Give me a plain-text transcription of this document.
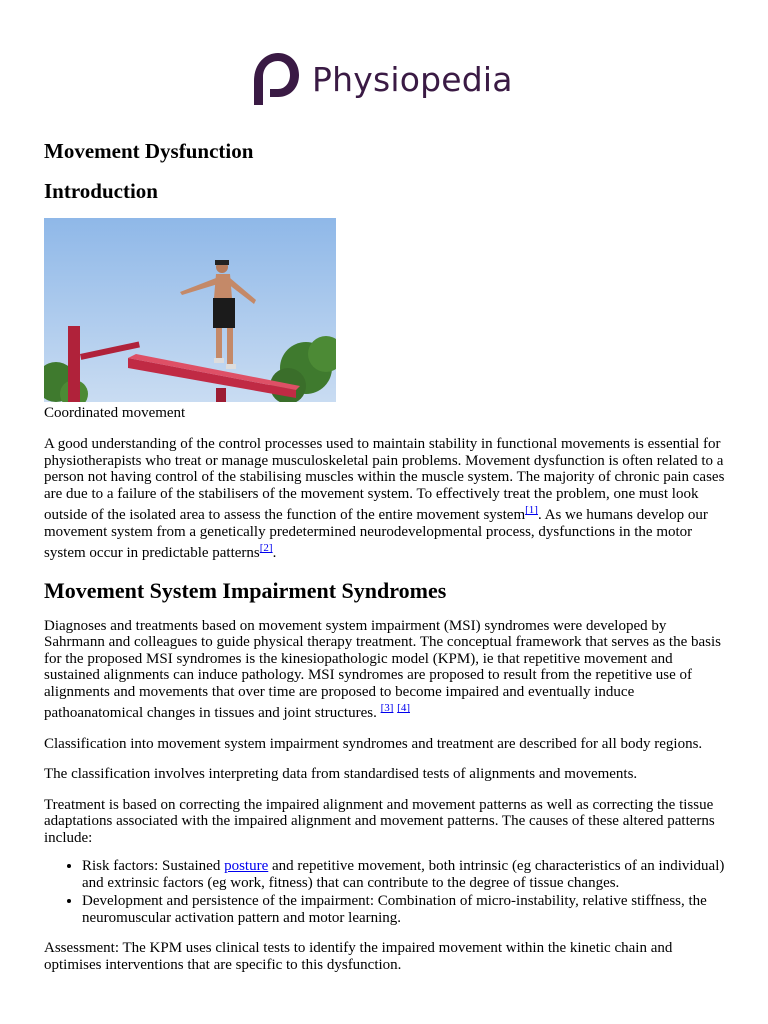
Physiopedia
Movement Dysfunction
Introduction
Coordinated movement

A good understanding of the control processes used to maintain stability in functional movements is essential for physiotherapists who treat or manage musculoskeletal pain problems. Movement dysfunction is often related to a person not having control of the stabilising muscles within the muscle system. The majority of chronic pain cases are due to a failure of the stabilisers of the movement system. To effectively treat the problem, one must look outside of the isolated area to assess the function of the entire movement system[1]. As we humans develop our movement system from a genetically predetermined neurodevelopmental process, dysfunctions in the motor system occur in predictable patterns[2].

Movement System Impairment Syndromes

Diagnoses and treatments based on movement system impairment (MSI) syndromes were developed by Sahrmann and colleagues to guide physical therapy treatment. The conceptual framework that serves as the basis for the proposed MSI syndromes is the kinesiopathologic model (KPM), ie that repetitive movement and sustained alignments can induce pathology. MSI syndromes are proposed to result from the repetitive use of alignments and movements that over time are proposed to become impaired and eventually induce pathoanatomical changes in tissues and joint structures. [3] [4]

Classification into movement system impairment syndromes and treatment are described for all body regions.

The classification involves interpreting data from standardised tests of alignments and movements.

Treatment is based on correcting the impaired alignment and movement patterns as well as correcting the tissue adaptations associated with the impaired alignment and movement patterns. The causes of these altered patterns include:

• Risk factors: Sustained posture and repetitive movement, both intrinsic (eg characteristics of an individual) and extrinsic factors (eg work, fitness) that can contribute to the degree of tissue changes.
• Development and persistence of the impairment: Combination of micro-instability, relative stiffness, the neuromuscular activation pattern and motor learning.

Assessment: The KPM uses clinical tests to identify the impaired movement within the kinetic chain and optimises interventions that are specific to this dysfunction.
